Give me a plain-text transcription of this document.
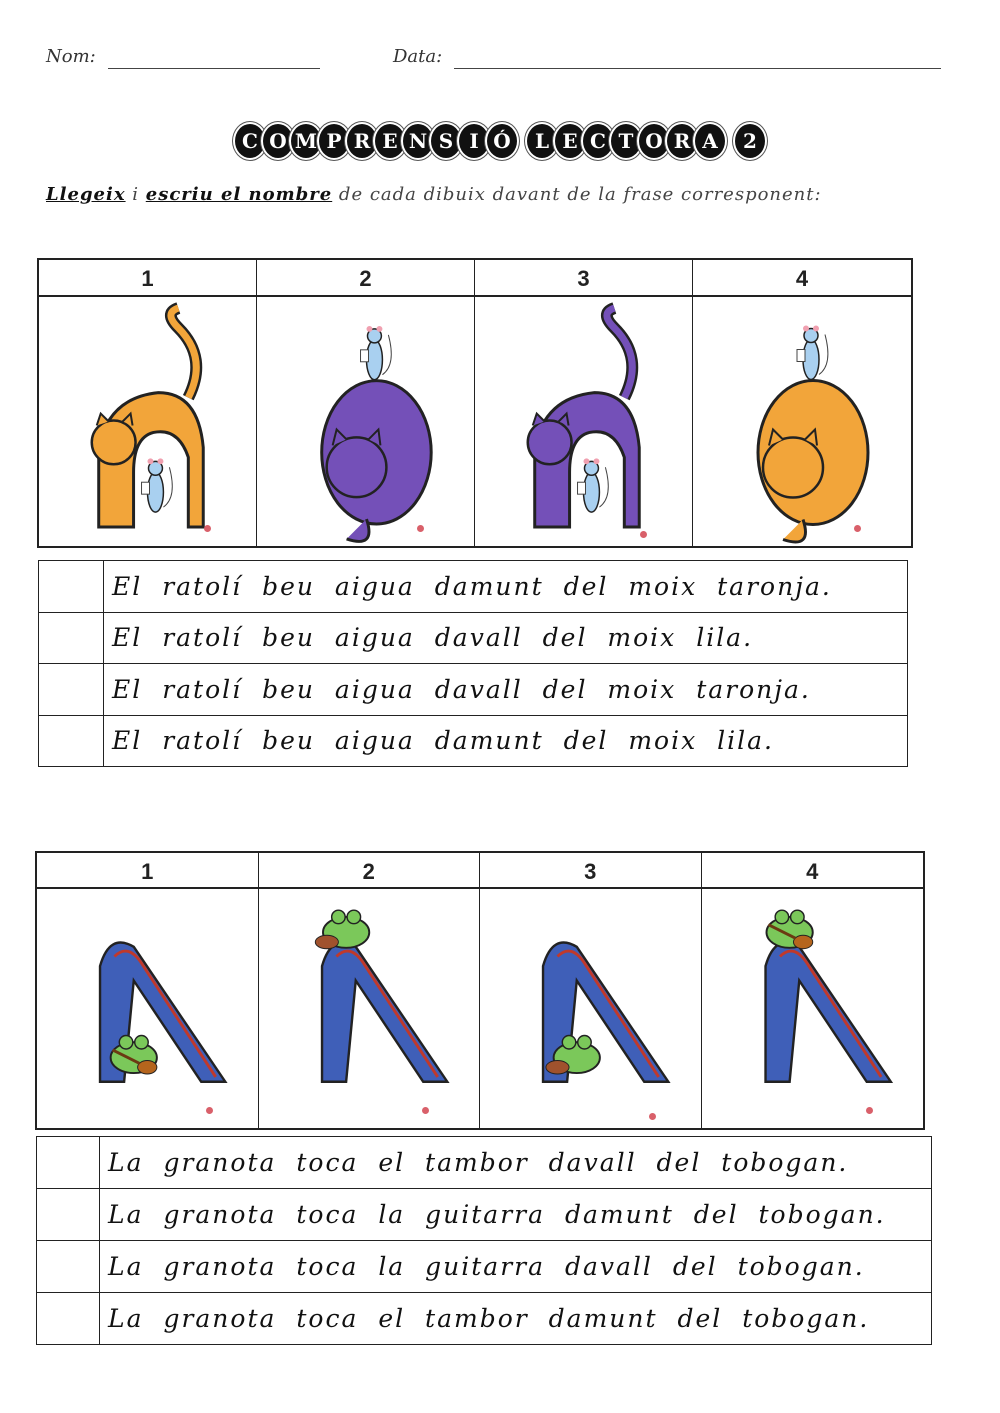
Nom:	Data:
C O M P R E N S I Ó L E C T O R A 2
Llegeix i escriu el nombre de cada dibuix davant de la frase corresponent:
1	2	3	4
El ratolí beu aigua damunt del moix taronja.
El ratolí beu aigua davall del moix lila.
El ratolí beu aigua davall del moix taronja.
El ratolí beu aigua damunt del moix lila.
1	2	3	4
La granota toca el tambor davall del tobogan.
La granota toca la guitarra damunt del tobogan.
La granota toca la guitarra davall del tobogan.
La granota toca el tambor damunt del tobogan.
